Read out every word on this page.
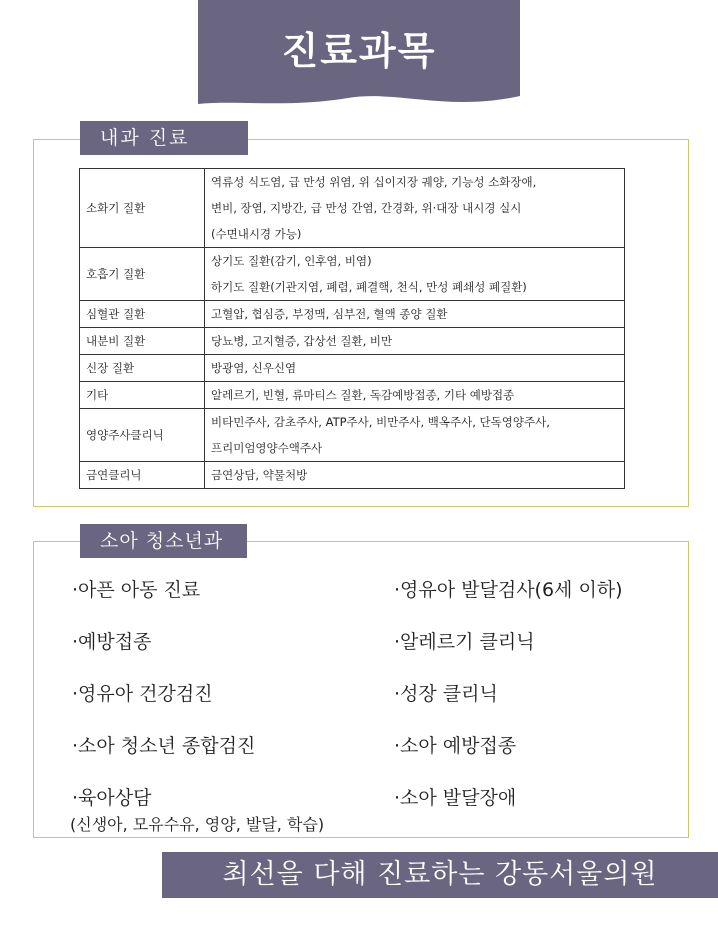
진료과목
내과 진료
소화기 질환	역류성 식도염, 급 만성 위염, 위 십이지장 궤양, 기능성 소화장애,
변비, 장염, 지방간, 급 만성 간염, 간경화, 위·대장 내시경 실시
(수면내시경 가능)

호흡기 질환	상기도 질환(감기, 인후염, 비염)
하기도 질환(기관지염, 폐렴, 폐결핵, 천식, 만성 폐쇄성 폐질환)

심혈관 질환	고혈압, 협심증, 부정맥, 심부전, 혈액 종양 질환

내분비 질환	당뇨병, 고지혈증, 갑상선 질환, 비만

신장 질환	방광염, 신우신염

기타	알레르기, 빈혈, 류마티스 질환, 독감예방접종, 기타 예방접종

영양주사클리닉	비타민주사, 감초주사, ATP주사, 비만주사, 백옥주사, 단독영양주사,
프리미엄영양수액주사

금연클리닉	금연상담, 약물처방
소아 청소년과
·아픈 아동 진료
·예방접종
·영유아 건강검진
·소아 청소년 종합검진
·육아상담
(신생아, 모유수유, 영양, 발달, 학습)
·영유아 발달검사(6세 이하)
·알레르기 클리닉
·성장 클리닉
·소아 예방접종
·소아 발달장애
최선을 다해 진료하는 강동서울의원
